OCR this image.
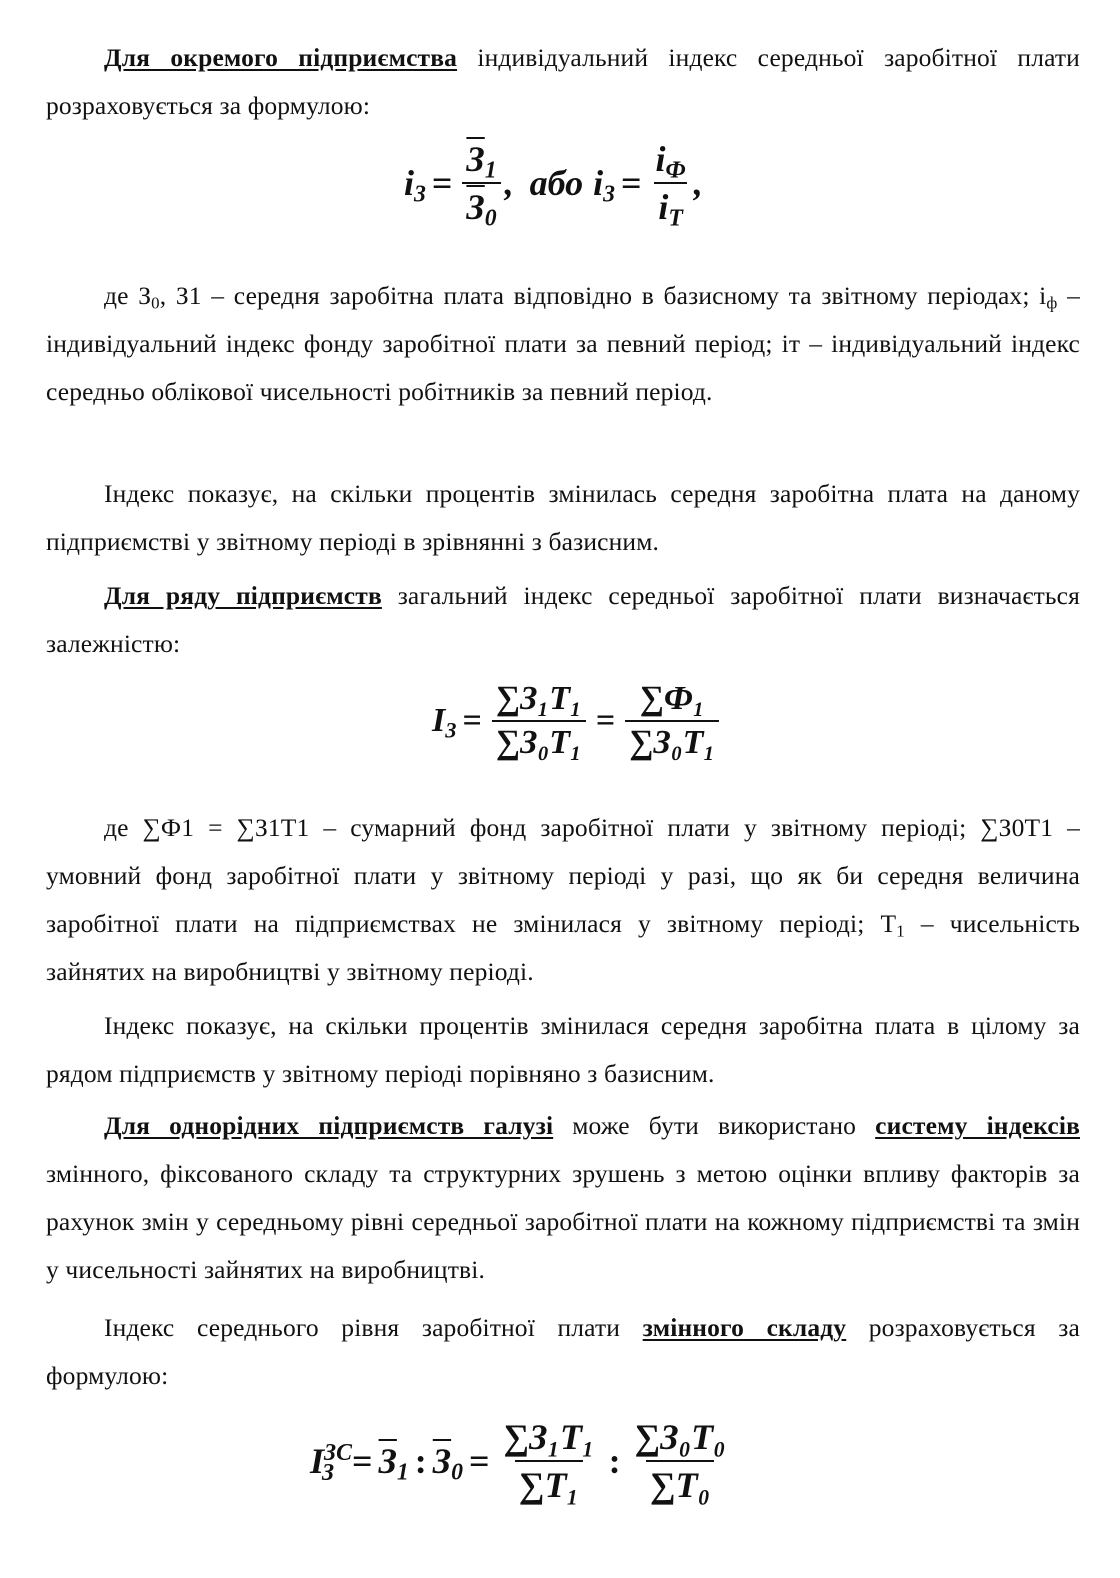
Для окремого підприємства індивідуальний індекс середньої заробітної плати розраховується за формулою:
$i_3 = \frac{З_1}{З_0}$ , або $i_3 = \frac{i_Ф}{i_Т}$ ,
де $З_0$, З1 – середня заробітна плата відповідно в базисному та звітному періодах; $і_ф$ – індивідуальний індекс фонду заробітної плати за певний період; іт – індивідуальний індекс середньо облікової чисельності робітників за певний період.
Індекс показує, на скільки процентів змінилась середня заробітна плата на даному підприємстві у звітному періоді в зрівнянні з базисним.
Для ряду підприємств загальний індекс середньої заробітної плати визначається залежністю:
$I_3 = \frac{\text{∑З₁Т₁}}{\text{∑З₀Т₁}} = \frac{\text{∑Ф₁}}{\text{∑З₀Т₁}}$
де ∑Ф1 = ∑З1Т1 – сумарний фонд заробітної плати у звітному періоді; ∑З0Т1 – умовний фонд заробітної плати у звітному періоді у разі, що як би середня величина заробітної плати на підприємствах не змінилася у звітному періоді; $Т_1$ – чисельність зайнятих на виробництві у звітному періоді.
Індекс показує, на скільки процентів змінилася середня заробітна плата в цілому за рядом підприємств у звітному періоді порівняно з базисним.
Для однорідних підприємств галузі може бути використано систему індексів змінного, фіксованого складу та структурних зрушень з метою оцінки впливу факторів за рахунок змін у середньому рівні середньої заробітної плати на кожному підприємстві та змін у чисельності зайнятих на виробництві.
Індекс середнього рівня заробітної плати змінного складу розраховується за формулою:
$I^{ЗС}_З = З_1$ : $З_0 = \frac{\text{∑З₁Т₁}}{\text{∑Т₁}}$ : $\frac{\text{∑З₀Т₀}}{\text{∑Т₀}}$
